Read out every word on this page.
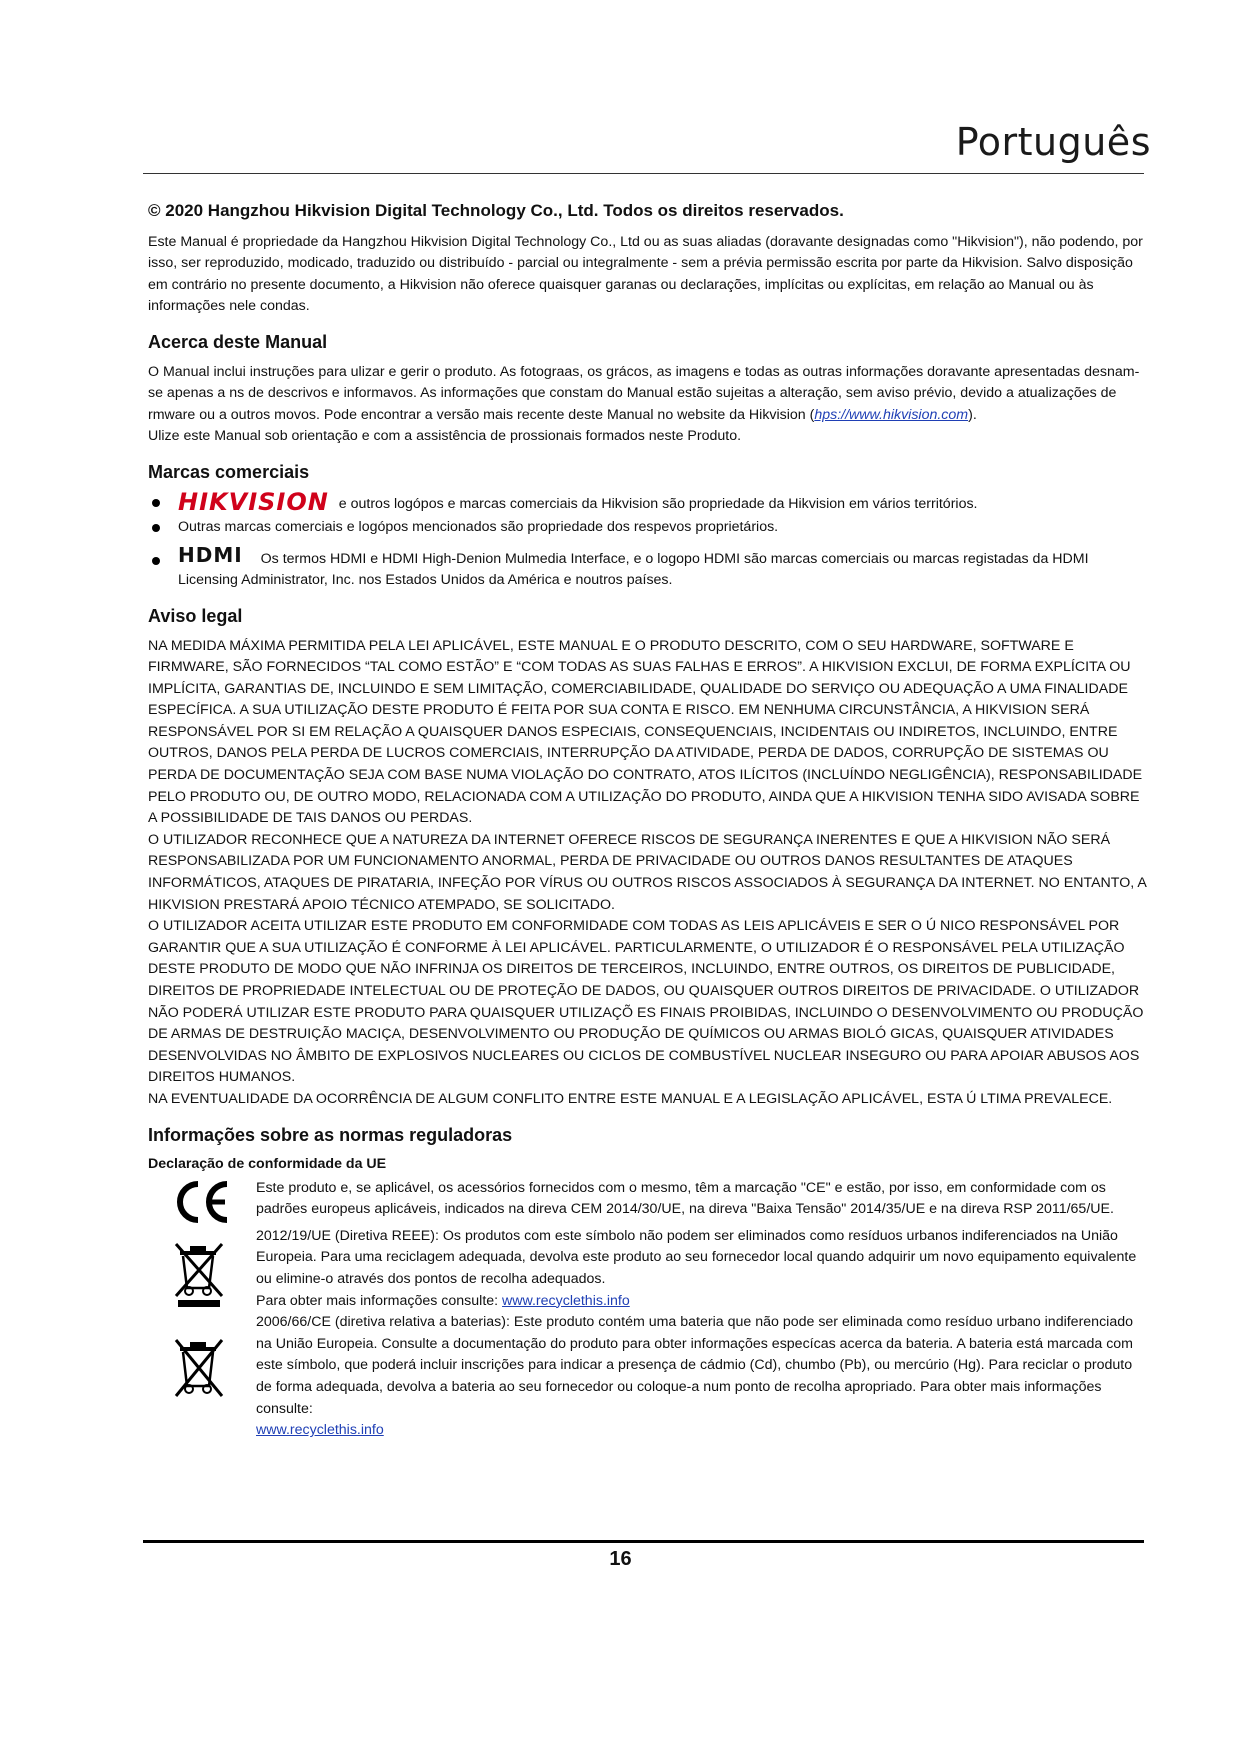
Português

© 2020 Hangzhou Hikvision Digital Technology Co., Ltd. Todos os direitos reservados.

Este Manual é propriedade da Hangzhou Hikvision Digital Technology Co., Ltd ou as suas aliadas (doravante designadas como "Hikvision"), não podendo, por isso, ser reproduzido, modicado, traduzido ou distribuído - parcial ou integralmente - sem a prévia permissão escrita por parte da Hikvision. Salvo disposição em contrário no presente documento, a Hikvision não oferece quaisquer garanas ou declarações, implícitas ou explícitas, em relação ao Manual ou às informações nele condas.

Acerca deste Manual

O Manual inclui instruções para ulizar e gerir o produto. As fotograas, os grácos, as imagens e todas as outras informações doravante apresentadas desnam-se apenas a ns de descrivos e informavos. As informações que constam do Manual estão sujeitas a alteração, sem aviso prévio, devido a atualizações de rmware ou a outros movos. Pode encontrar a versão mais recente deste Manual no website da Hikvision (hps://www.hikvision.com).

Ulize este Manual sob orientação e com a assistência de prossionais formados neste Produto.

Marcas comerciais
HIKVISION e outros logópos e marcas comerciais da Hikvision são propriedade da Hikvision em vários territórios.
Outras marcas comerciais e logópos mencionados são propriedade dos respevos proprietários.
HDMI Os termos HDMI e HDMI High-Denion Mulmedia Interface, e o logopo HDMI são marcas comerciais ou marcas registadas da HDMI Licensing Administrator, Inc. nos Estados Unidos da América e noutros países.
Aviso legal

NA MEDIDA MÁXIMA PERMITIDA PELA LEI APLICÁVEL, ESTE MANUAL E O PRODUTO DESCRITO, COM O SEU HARDWARE, SOFTWARE E FIRMWARE, SÃO FORNECIDOS “TAL COMO ESTÃO” E “COM TODAS AS SUAS FALHAS E ERROS”. A HIKVISION EXCLUI, DE FORMA EXPLÍCITA OU IMPLÍCITA, GARANTIAS DE, INCLUINDO E SEM LIMITAÇÃO, COMERCIABILIDADE, QUALIDADE DO SERVIÇO OU ADEQUAÇÃO A UMA FINALIDADE ESPECÍFICA. A SUA UTILIZAÇÃO DESTE PRODUTO É FEITA POR SUA CONTA E RISCO. EM NENHUMA CIRCUNSTÂNCIA, A HIKVISION SERÁ RESPONSÁVEL POR SI EM RELAÇÃO A QUAISQUER DANOS ESPECIAIS, CONSEQUENCIAIS, INCIDENTAIS OU INDIRETOS, INCLUINDO, ENTRE OUTROS, DANOS PELA PERDA DE LUCROS COMERCIAIS, INTERRUPÇÃO DA ATIVIDADE, PERDA DE DADOS, CORRUPÇÃO DE SISTEMAS OU PERDA DE DOCUMENTAÇÃO SEJA COM BASE NUMA VIOLAÇÃO DO CONTRATO, ATOS ILÍCITOS (INCLUÍNDO NEGLIGÊNCIA), RESPONSABILIDADE PELO PRODUTO OU, DE OUTRO MODO, RELACIONADA COM A UTILIZAÇÃO DO PRODUTO, AINDA QUE A HIKVISION TENHA SIDO AVISADA SOBRE A POSSIBILIDADE DE TAIS DANOS OU PERDAS.

O UTILIZADOR RECONHECE QUE A NATUREZA DA INTERNET OFERECE RISCOS DE SEGURANÇA INERENTES E QUE A HIKVISION NÃO SERÁ RESPONSABILIZADA POR UM FUNCIONAMENTO ANORMAL, PERDA DE PRIVACIDADE OU OUTROS DANOS RESULTANTES DE ATAQUES INFORMÁTICOS, ATAQUES DE PIRATARIA, INFEÇÃO POR VÍRUS OU OUTROS RISCOS ASSOCIADOS À SEGURANÇA DA INTERNET. NO ENTANTO, A HIKVISION PRESTARÁ APOIO TÉCNICO ATEMPADO, SE SOLICITADO.

O UTILIZADOR ACEITA UTILIZAR ESTE PRODUTO EM CONFORMIDADE COM TODAS AS LEIS APLICÁVEIS E SER O Ú NICO RESPONSÁVEL POR GARANTIR QUE A SUA UTILIZAÇÃO É CONFORME À LEI APLICÁVEL. PARTICULARMENTE, O UTILIZADOR É O RESPONSÁVEL PELA UTILIZAÇÃO DESTE PRODUTO DE MODO QUE NÃO INFRINJA OS DIREITOS DE TERCEIROS, INCLUINDO, ENTRE OUTROS, OS DIREITOS DE PUBLICIDADE, DIREITOS DE PROPRIEDADE INTELECTUAL OU DE PROTEÇÃO DE DADOS, OU QUAISQUER OUTROS DIREITOS DE PRIVACIDADE. O UTILIZADOR NÃO PODERÁ UTILIZAR ESTE PRODUTO PARA QUAISQUER UTILIZAÇÕ ES FINAIS PROIBIDAS, INCLUINDO O DESENVOLVIMENTO OU PRODUÇÃO DE ARMAS DE DESTRUIÇÃO MACIÇA, DESENVOLVIMENTO OU PRODUÇÃO DE QUÍMICOS OU ARMAS BIOLÓ GICAS, QUAISQUER ATIVIDADES DESENVOLVIDAS NO ÂMBITO DE EXPLOSIVOS NUCLEARES OU CICLOS DE COMBUSTÍVEL NUCLEAR INSEGURO OU PARA APOIAR ABUSOS AOS DIREITOS HUMANOS.

NA EVENTUALIDADE DA OCORRÊNCIA DE ALGUM CONFLITO ENTRE ESTE MANUAL E A LEGISLAÇÃO APLICÁVEL, ESTA Ú LTIMA PREVALECE.

Informações sobre as normas reguladoras
Declaração de conformidade da UE
Este produto e, se aplicável, os acessórios fornecidos com o mesmo, têm a marcação "CE" e estão, por isso, em conformidade com os padrões europeus aplicáveis, indicados na direva CEM 2014/30/UE, na direva "Baixa Tensão" 2014/35/UE e na direva RSP 2011/65/UE.

2012/19/UE (Diretiva REEE): Os produtos com este símbolo não podem ser eliminados como resíduos urbanos indiferenciados na União Europeia. Para uma reciclagem adequada, devolva este produto ao seu fornecedor local quando adquirir um novo equipamento equivalente ou elimine-o através dos pontos de recolha adequados.

Para obter mais informações consulte: www.recyclethis.info

2006/66/CE (diretiva relativa a baterias): Este produto contém uma bateria que não pode ser eliminada como resíduo urbano indiferenciado na União Europeia. Consulte a documentação do produto para obter informações especícas acerca da bateria. A bateria está marcada com este símbolo, que poderá incluir inscrições para indicar a presença de cádmio (Cd), chumbo (Pb), ou mercúrio (Hg). Para reciclar o produto de forma adequada, devolva a bateria ao seu fornecedor ou coloque-a num ponto de recolha apropriado. Para obter mais informações consulte:

www.recyclethis.info

16
